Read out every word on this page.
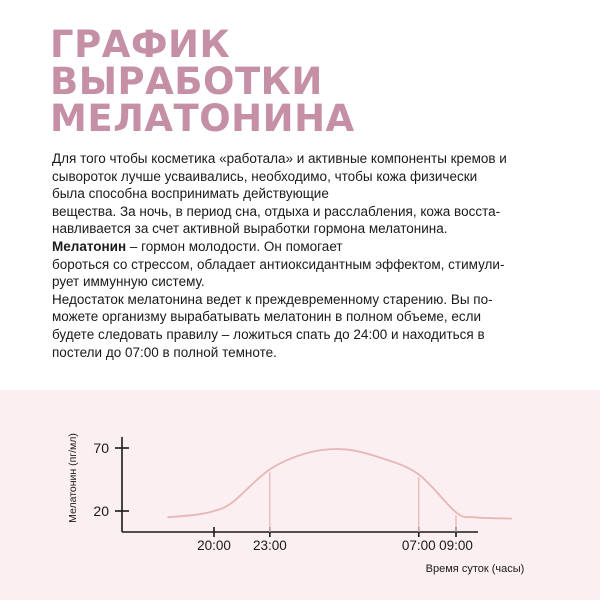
ГРАФИК
ВЫРАБОТКИ
МЕЛАТОНИНА
Для того чтобы косметика «работала» и активные компоненты кремов и
сывороток лучше усваивались, необходимо, чтобы кожа физически
была способна воспринимать действующие
вещества. За ночь, в период сна, отдыха и расслабления, кожа восста-
навливается за счет активной выработки гормона мелатонина.
Мелатонин – гормон молодости. Он помогает
бороться со стрессом, обладает антиоксидантным эффектом, стимули-
рует иммунную систему.
Недостаток мелатонина ведет к преждевременному старению. Вы по-
можете организму вырабатывать мелатонин в полном объеме, если
будете следовать правилу – ложиться спать до 24:00 и находиться в
постели до 07:00 в полной темноте.
Мелатонин (пг/мл)
Время суток (часы)
20
70
20:00 23:00	07:00 09:00
